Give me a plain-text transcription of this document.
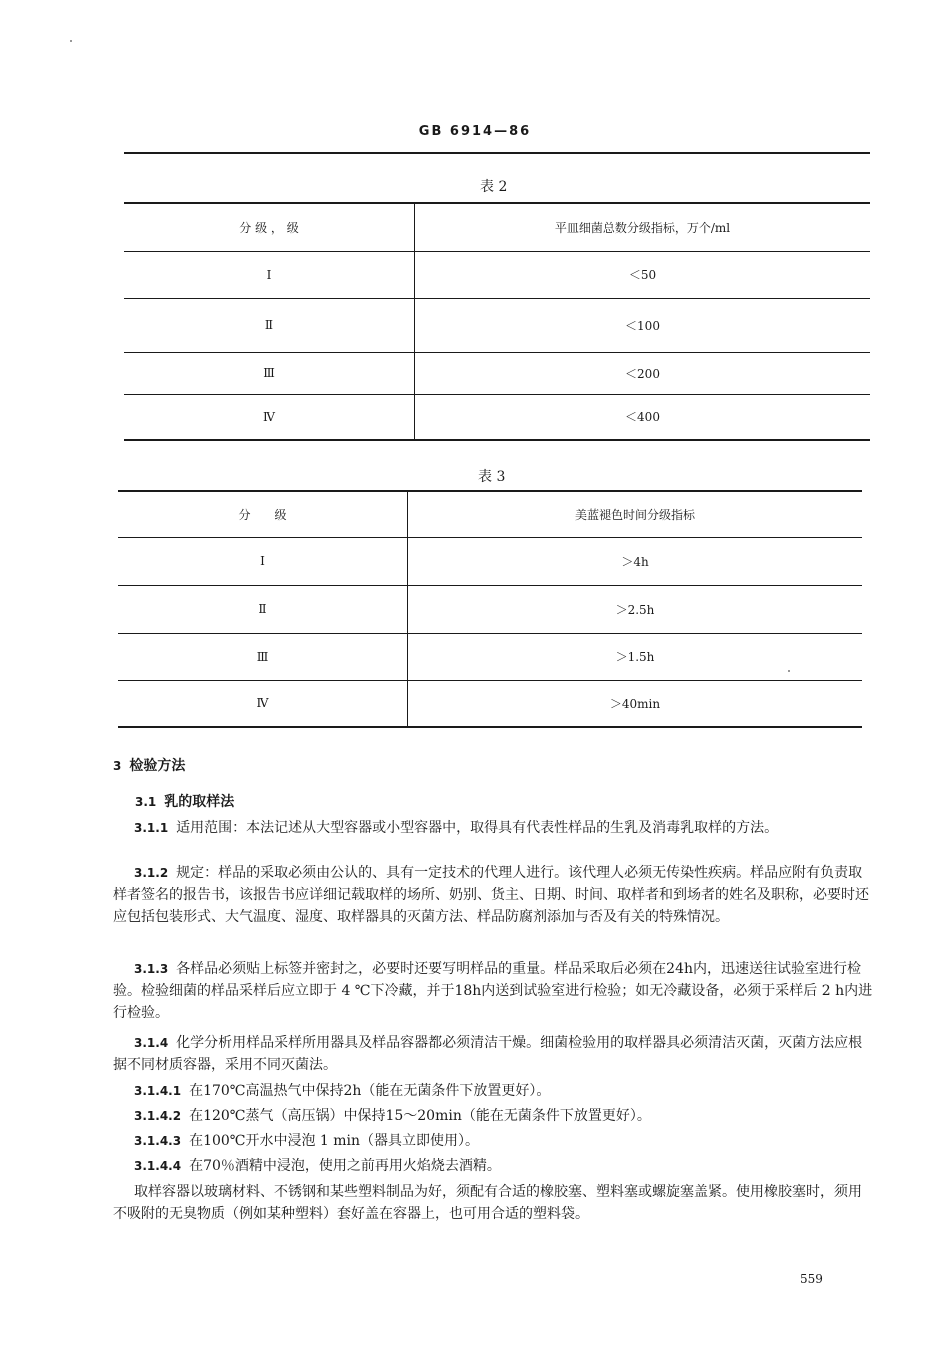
GB 6914—86
表 2
分 级 ， 级	平皿细菌总数分级指标，万个/ml
Ⅰ	＜50
Ⅱ	＜100
Ⅲ	＜200
Ⅳ	＜400
表 3
分　　级	美蓝褪色时间分级指标
Ⅰ	＞4h
Ⅱ	＞2.5h
Ⅲ	＞1.5h
Ⅳ	＞40min
3 检验方法
3.1 乳的取样法

3.1.1 适用范围：本法记述从大型容器或小型容器中，取得具有代表性样品的生乳及消毒乳取样的方法。

3.1.2 规定：样品的采取必须由公认的、具有一定技术的代理人进行。该代理人必须无传染性疾病。样品应附有负责取样者签名的报告书，该报告书应详细记载取样的场所、奶别、货主、日期、时间、取样者和到场者的姓名及职称，必要时还应包括包装形式、大气温度、湿度、取样器具的灭菌方法、样品防腐剂添加与否及有关的特殊情况。

3.1.3 各样品必须贴上标签并密封之，必要时还要写明样品的重量。样品采取后必须在24h内，迅速送往试验室进行检验。检验细菌的样品采样后应立即于 4 ℃下冷藏，并于18h内送到试验室进行检验；如无冷藏设备，必须于采样后 2 h内进行检验。

3.1.4 化学分析用样品采样所用器具及样品容器都必须清洁干燥。细菌检验用的取样器具必须清洁灭菌，灭菌方法应根据不同材质容器，采用不同灭菌法。

3.1.4.1 在170℃高温热气中保持2h（能在无菌条件下放置更好）。

3.1.4.2 在120℃蒸气（高压锅）中保持15～20min（能在无菌条件下放置更好）。

3.1.4.3 在100℃开水中浸泡 1 min（器具立即使用）。

3.1.4.4 在70％酒精中浸泡，使用之前再用火焰烧去酒精。

取样容器以玻璃材料、不锈钢和某些塑料制品为好，须配有合适的橡胶塞、塑料塞或螺旋塞盖紧。使用橡胶塞时，须用不吸附的无臭物质（例如某种塑料）套好盖在容器上，也可用合适的塑料袋。

559
